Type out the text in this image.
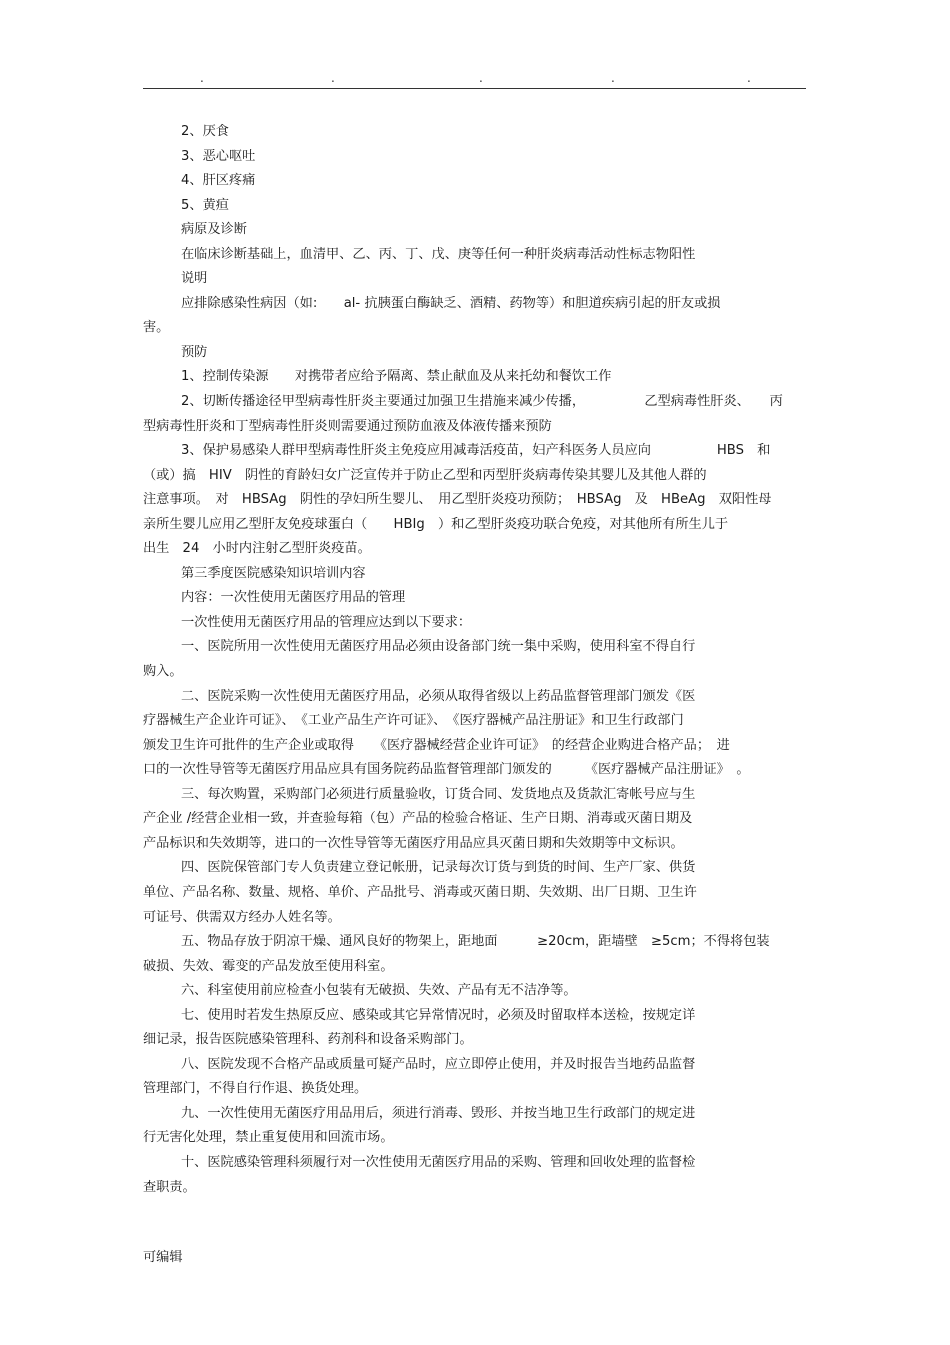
.	.	.	.	.
2、厌食
3、恶心呕吐
4、肝区疼痛
5、黄疸
病原及诊断
在临床诊断基础上，血清甲、乙、丙、丁、戊、庚等任何一种肝炎病毒活动性标志物阳性
说明
应排除感染性病因（如:　　al- 抗胰蛋白酶缺乏、酒精、药物等）和胆道疾病引起的肝友或损
害。
预防
1、控制传染源　　对携带者应给予隔离、禁止献血及从来托幼和餐饮工作
2、切断传播途径甲型病毒性肝炎主要通过加强卫生措施来减少传播，　　　　　乙型病毒性肝炎、　　丙
型病毒性肝炎和丁型病毒性肝炎则需要通过预防血液及体液传播来预防
3、保护易感染人群甲型病毒性肝炎主免疫应用减毒活疫苗，妇产科医务人员应向　　　　　HBS　和
（或）搞　HIV　阴性的育龄妇女广泛宣传并于防止乙型和丙型肝炎病毒传染其婴儿及其他人群的
注意事项。　对　HBSAg　阴性的孕妇所生婴儿、　用乙型肝炎疫功预防；　HBSAg　及　HBeAg　双阳性母
亲所生婴儿应用乙型肝友免疫球蛋白（　　HBIg　）和乙型肝炎疫功联合免疫，对其他所有所生儿于
出生　24　小时内注射乙型肝炎疫苗。
第三季度医院感染知识培训内容
内容：一次性使用无菌医疗用品的管理
一次性使用无菌医疗用品的管理应达到以下要求：
一、医院所用一次性使用无菌医疗用品必须由设备部门统一集中采购，使用科室不得自行
购入。
二、医院采购一次性使用无菌医疗用品，必须从取得省级以上药品监督管理部门颁发《医
疗器械生产企业许可证》、　《工业产品生产许可证》、　《医疗器械产品注册证》和卫生行政部门
颁发卫生许可批件的生产企业或取得　　《医疗器械经营企业许可证》　的经营企业购进合格产品；　进
口的一次性导管等无菌医疗用品应具有国务院药品监督管理部门颁发的　　　《医疗器械产品注册证》　。
三、每次购置，采购部门必须进行质量验收，订货合同、发货地点及货款汇寄帐号应与生
产企业 /经营企业相一致，并查验每箱（包）产品的检验合格证、生产日期、消毒或灭菌日期及
产品标识和失效期等，进口的一次性导管等无菌医疗用品应具灭菌日期和失效期等中文标识。
四、医院保管部门专人负责建立登记帐册，记录每次订货与到货的时间、生产厂家、供货
单位、产品名称、数量、规格、单价、产品批号、消毒或灭菌日期、失效期、出厂日期、卫生许
可证号、供需双方经办人姓名等。
五、物品存放于阴凉干燥、通风良好的物架上，距地面　　　≥20cm，距墙壁　≥5cm；不得将包装
破损、失效、霉变的产品发放至使用科室。
六、科室使用前应检查小包装有无破损、失效、产品有无不洁净等。
七、使用时若发生热原反应、感染或其它异常情况时，必须及时留取样本送检，按规定详
细记录，报告医院感染管理科、药剂科和设备采购部门。
八、医院发现不合格产品或质量可疑产品时，应立即停止使用，并及时报告当地药品监督
管理部门，不得自行作退、换货处理。
九、一次性使用无菌医疗用品用后，须进行消毒、毁形、并按当地卫生行政部门的规定进
行无害化处理，禁止重复使用和回流市场。
十、医院感染管理科须履行对一次性使用无菌医疗用品的采购、管理和回收处理的监督检
查职责。
可编辑
